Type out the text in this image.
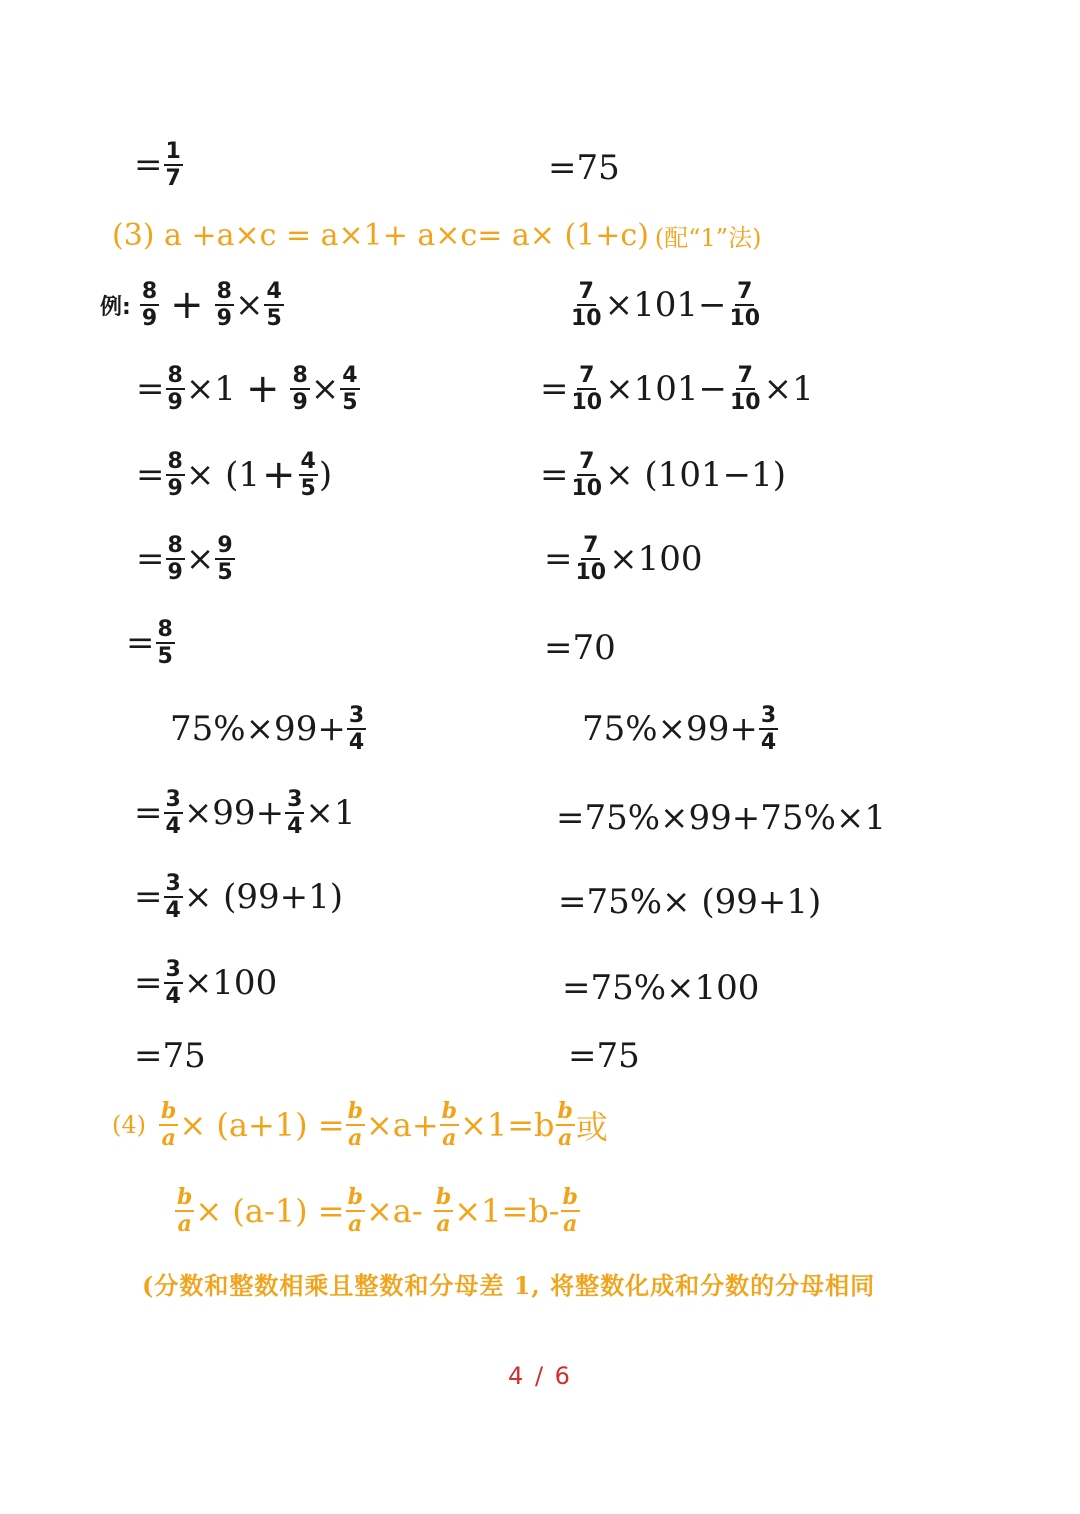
= $\frac{1}{7}$	=75
(3) a +a×c = a×1+ a×c= a× (1+c) (配“1”法)
例:
8
$9 + \frac{8}{9} \times \frac{4}{5}$
= $\frac{8}{9} \times 1 + \frac{8}{9} \times \frac{4}{5}$
= $\frac{8}{9} \times (1 + \frac{4}{5}$ )
= $\frac{8}{9} \times \frac{9}{5}$
= $\frac{8}{5}$
$\frac{7}{10} \times 101- \frac{7}{10}$
= $\frac{7}{10} \times 101- \frac{7}{10} \times 1$
= $\frac{7}{10} \times (101-1)$
= $\frac{7}{10} \times 100$
=70
$75\%\times 99+ \frac{3}{4}$
= $\frac{3}{4} \times 99+ \frac{3}{4} \times 1$
= $\frac{3}{4} \times (99+1)$
= $\frac{3}{4} \times 100$
=75
$75\%\times 99+ \frac{3}{4}$
=75%×99+75%×1
=75%× (99+1)
=75%×100
=75
$(4) \frac{b}{a} \times (a+1) = \frac{b}{a} \times a+ \frac{b}{a} \times 1=b$ b
a 或
$\frac{b}{a} \times (a-1) = \frac{b}{a} \times a- \frac{b}{a} \times 1=b-$ b
a
(分数和整数相乘且整数和分母差 1, 将整数化成和分数的分母相同
4 / 6
